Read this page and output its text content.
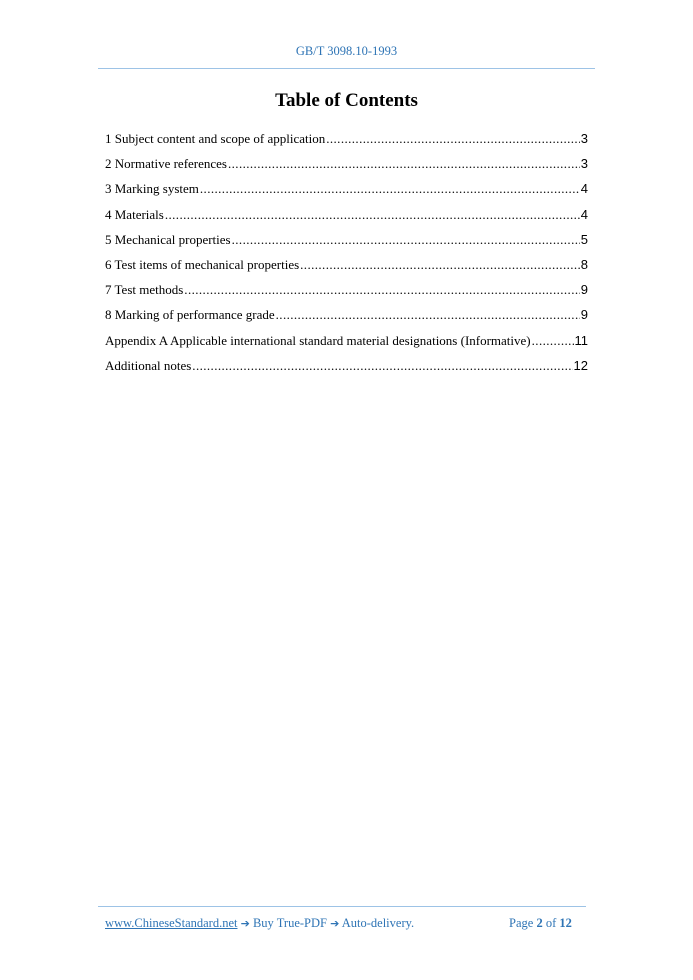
GB/T 3098.10-1993
Table of Contents
1 Subject content and scope of application .....	3
2 Normative references .....	3
3 Marking system .....	4
4 Materials .....	4
5 Mechanical properties .....	5
6 Test items of mechanical properties .....	8
7 Test methods .....	9
8 Marking of performance grade .....	9
Appendix A Applicable international standard material designations (Informative) .....	11
Additional notes .....	12
www.ChineseStandard.net ➔ Buy True-PDF ➔ Auto-delivery.	Page 2 of 12
